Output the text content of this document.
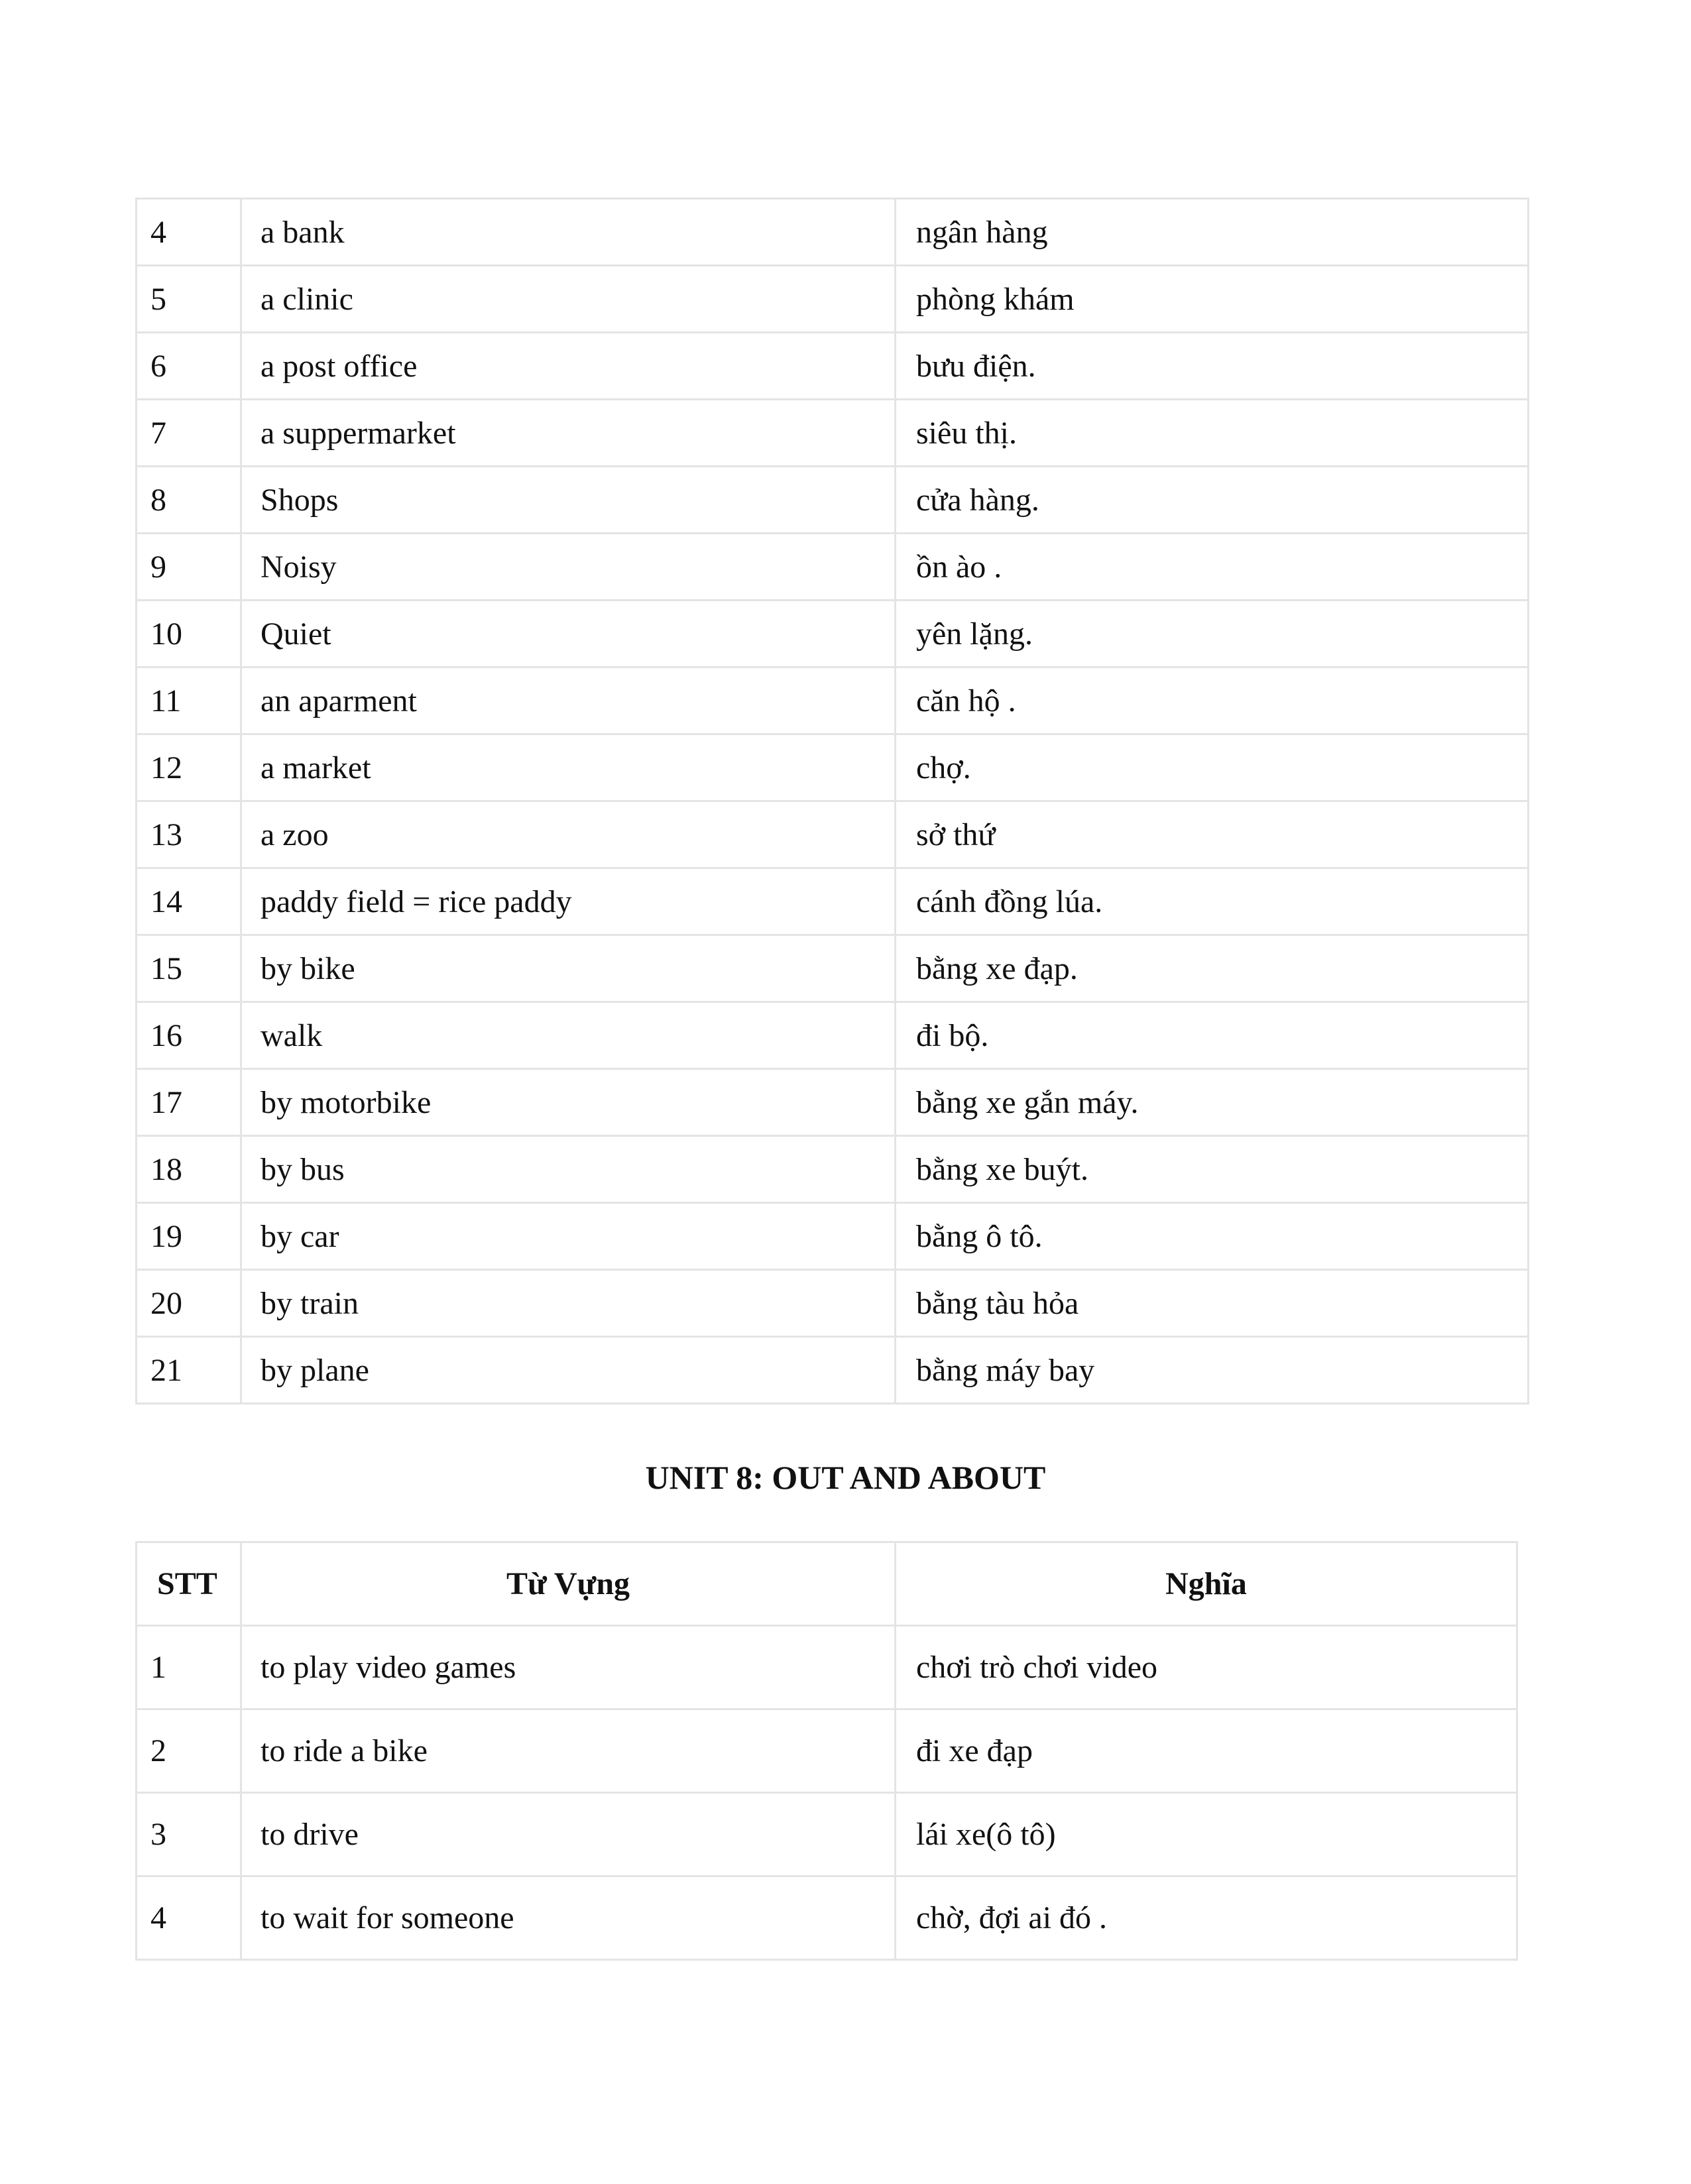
4	a bank	ngân hàng
5	a clinic	phòng khám
6	a post office	bưu điện.
7	a suppermarket	siêu thị.
8	Shops	cửa hàng.
9	Noisy	ồn ào .
10	Quiet	yên lặng.
11	an aparment	căn hộ .
12	a market	chợ.
13	a zoo	sở thứ
14	paddy field = rice paddy	cánh đồng lúa.
15	by bike	bằng xe đạp.
16	walk	đi bộ.
17	by motorbike	bằng xe gắn máy.
18	by bus	bằng xe buýt.
19	by car	bằng ô tô.
20	by train	bằng tàu hỏa
21	by plane	bằng máy bay
UNIT 8: OUT AND ABOUT
STT	Từ Vựng	Nghĩa
1	to play video games	chơi trò chơi video
2	to ride a bike	đi xe đạp
3	to drive	lái xe(ô tô)
4	to wait for someone	chờ, đợi ai đó .
